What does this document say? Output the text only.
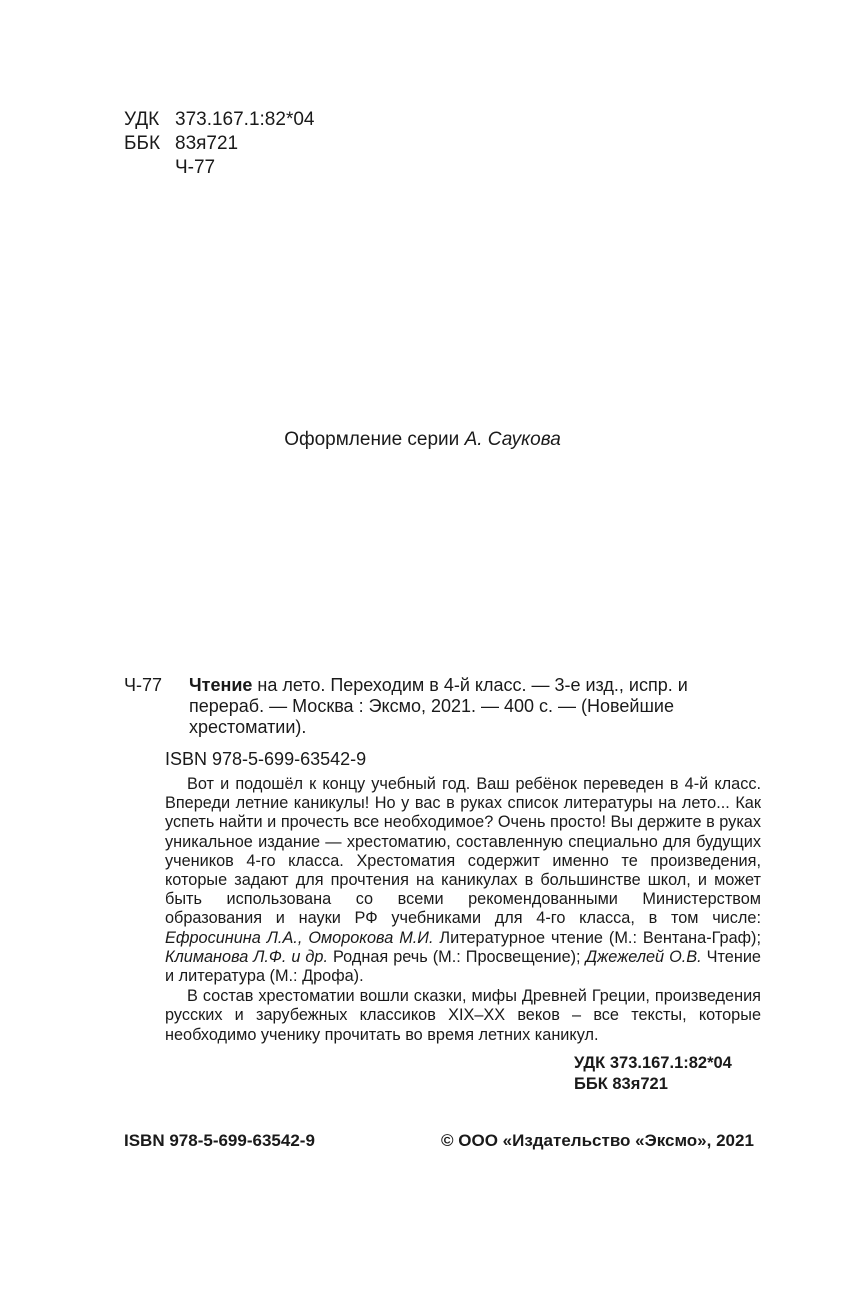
УДК 373.167.1:82*04
ББК 83я721
Ч-77
Оформление серии А. Саукова
Ч-77	Чтение на лето. Переходим в 4-й класс. — 3-е изд., испр. и перераб. — Москва : Эксмо, 2021. — 400 с. — (Новейшие хрестоматии).

ISBN 978-5-699-63542-9

Вот и подошёл к концу учебный год. Ваш ребёнок переведен в 4-й класс. Впереди летние каникулы! Но у вас в руках список литературы на лето... Как успеть найти и прочесть все необходимое? Очень просто! Вы держите в руках уникальное издание — хрестоматию, составленную специально для будущих учеников 4-го класса. Хрестоматия содержит именно те произведения, которые задают для прочтения на каникулах в большинстве школ, и может быть использована со всеми рекомендованными Министерством образования и науки РФ учебниками для 4-го класса, в том числе: Ефросинина Л.А., Оморокова М.И. Литературное чтение (М.: Вентана-Граф); Климанова Л.Ф. и др. Родная речь (М.: Просвещение); Джежелей О.В. Чтение и литература (М.: Дрофа).

В состав хрестоматии вошли сказки, мифы Древней Греции, произведения русских и зарубежных классиков XIX–XX веков – все тексты, которые необходимо ученику прочитать во время летних каникул.

УДК 373.167.1:82*04
ББК 83я721
ISBN 978-5-699-63542-9	© ООО «Издательство «Эксмо», 2021
